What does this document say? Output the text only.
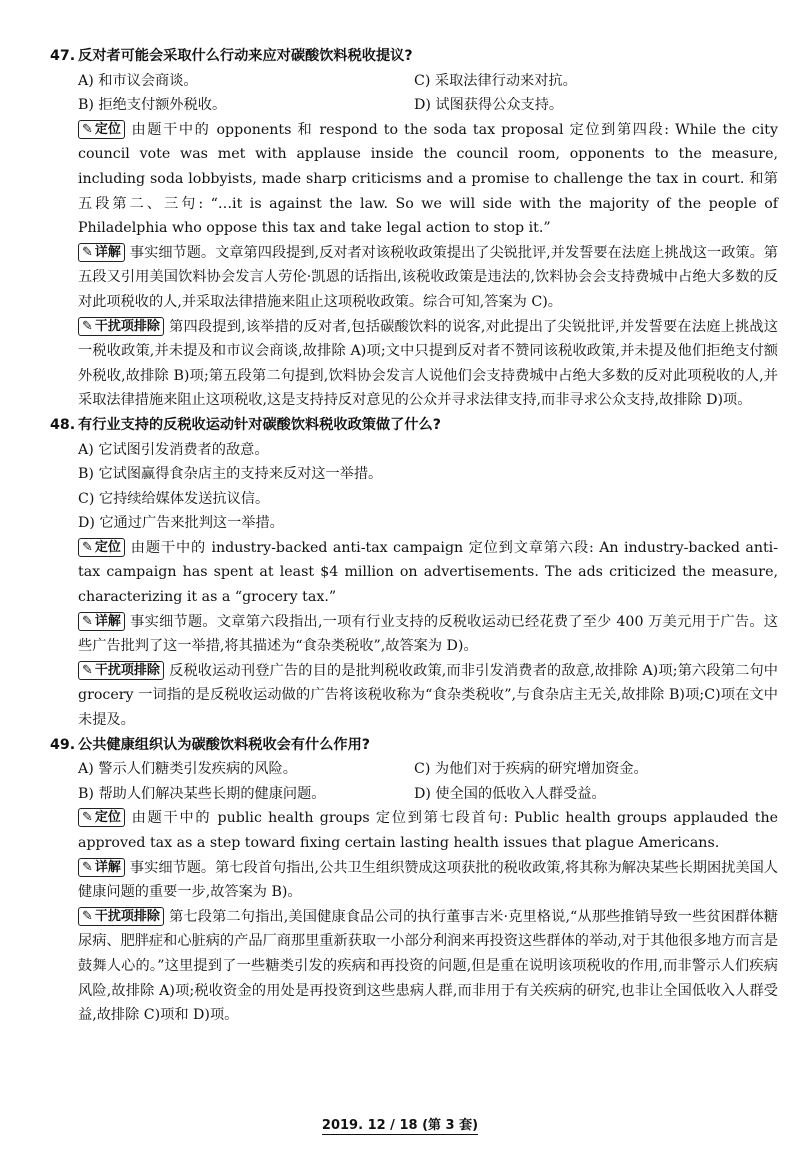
47. 反对者可能会采取什么行动来应对碳酸饮料税收提议?
A) 和市议会商谈。	C) 采取法律行动来对抗。
B) 拒绝支付额外税收。	D) 试图获得公众支持。
✎ 定位 由题干中的 opponents 和 respond to the soda tax proposal 定位到第四段: While the city council vote was met with applause inside the council room, opponents to the measure, including soda lobbyists, made sharp criticisms and a promise to challenge the tax in court. 和第五段第二、三句: “…it is against the law. So we will side with the majority of the people of Philadelphia who oppose this tax and take legal action to stop it.”
✎ 详解 事实细节题。文章第四段提到,反对者对该税收政策提出了尖锐批评,并发誓要在法庭上挑战这一政策。第五段又引用美国饮料协会发言人劳伦·凯恩的话指出,该税收政策是违法的,饮料协会会支持费城中占绝大多数的反对此项税收的人,并采取法律措施来阻止这项税收政策。综合可知,答案为 C)。
✎ 干扰项排除 第四段提到,该举措的反对者,包括碳酸饮料的说客,对此提出了尖锐批评,并发誓要在法庭上挑战这一税收政策,并未提及和市议会商谈,故排除 A)项;文中只提到反对者不赞同该税收政策,并未提及他们拒绝支付额外税收,故排除 B)项;第五段第二句提到,饮料协会发言人说他们会支持费城中占绝大多数的反对此项税收的人,并采取法律措施来阻止这项税收,这是支持持反对意见的公众并寻求法律支持,而非寻求公众支持,故排除 D)项。
48. 有行业支持的反税收运动针对碳酸饮料税收政策做了什么?
A) 它试图引发消费者的敌意。
B) 它试图赢得食杂店主的支持来反对这一举措。
C) 它持续给媒体发送抗议信。
D) 它通过广告来批判这一举措。
✎ 定位 由题干中的 industry-backed anti-tax campaign 定位到文章第六段: An industry-backed anti-tax campaign has spent at least $4 million on advertisements. The ads criticized the measure, characterizing it as a “grocery tax.”
✎ 详解 事实细节题。文章第六段指出,一项有行业支持的反税收运动已经花费了至少 400 万美元用于广告。这些广告批判了这一举措,将其描述为“食杂类税收”,故答案为 D)。
✎ 干扰项排除 反税收运动刊登广告的目的是批判税收政策,而非引发消费者的敌意,故排除 A)项;第六段第二句中 grocery 一词指的是反税收运动做的广告将该税收称为“食杂类税收”,与食杂店主无关,故排除 B)项;C)项在文中未提及。
49. 公共健康组织认为碳酸饮料税收会有什么作用?
A) 警示人们糖类引发疾病的风险。	C) 为他们对于疾病的研究增加资金。
B) 帮助人们解决某些长期的健康问题。	D) 使全国的低收入人群受益。
✎ 定位 由题干中的 public health groups 定位到第七段首句: Public health groups applauded the approved tax as a step toward fixing certain lasting health issues that plague Americans.
✎ 详解 事实细节题。第七段首句指出,公共卫生组织赞成这项获批的税收政策,将其称为解决某些长期困扰美国人健康问题的重要一步,故答案为 B)。
✎ 干扰项排除 第七段第二句指出,美国健康食品公司的执行董事吉米·克里格说,“从那些推销导致一些贫困群体糖尿病、肥胖症和心脏病的产品厂商那里重新获取一小部分利润来再投资这些群体的举动,对于其他很多地方而言是鼓舞人心的。”这里提到了一些糖类引发的疾病和再投资的问题,但是重在说明该项税收的作用,而非警示人们疾病风险,故排除 A)项;税收资金的用处是再投资到这些患病人群,而非用于有关疾病的研究,也非让全国低收入人群受益,故排除 C)项和 D)项。
2019. 12 / 18 (第 3 套)
